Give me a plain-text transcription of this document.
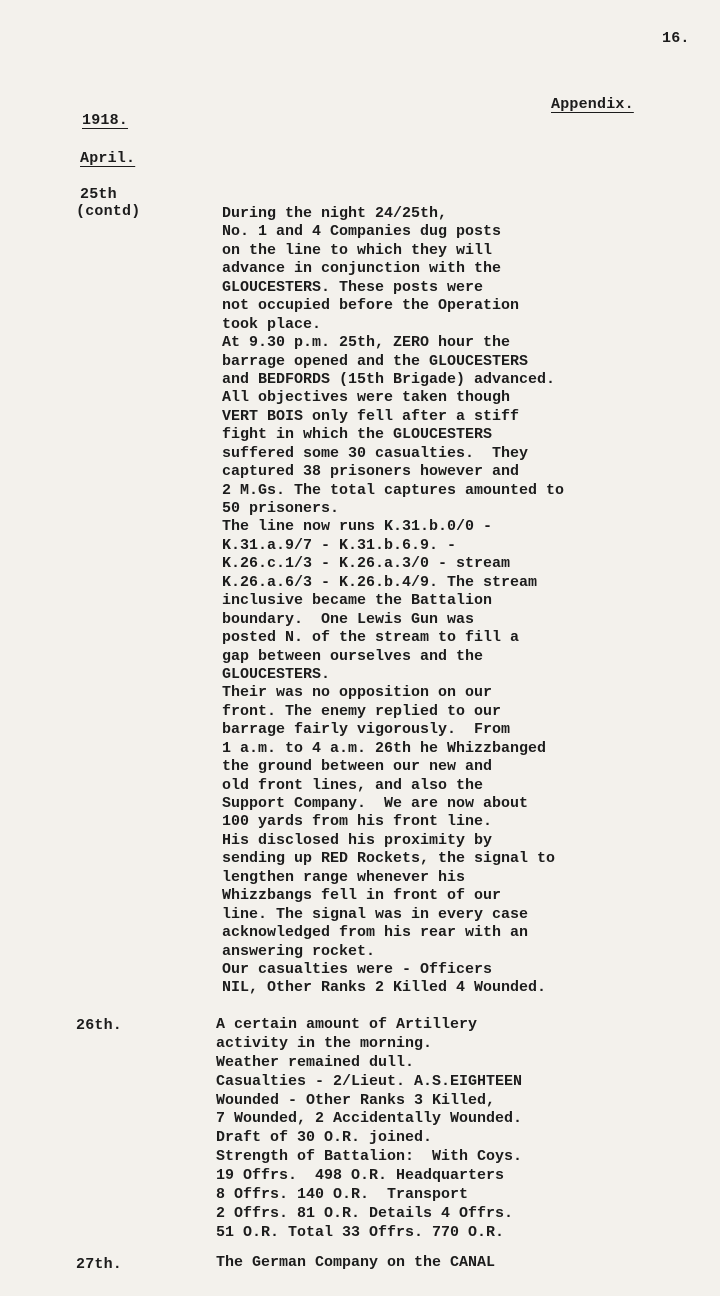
16.
Appendix.
1918.
April.
25th
(contd)	During the night 24/25th,
No. 1 and 4 Companies dug posts
on the line to which they will
advance in conjunction with the
GLOUCESTERS. These posts were
not occupied before the Operation
took place.
At 9.30 p.m. 25th, ZERO hour the
barrage opened and the GLOUCESTERS
and BEDFORDS (15th Brigade) advanced.
All objectives were taken though
VERT BOIS only fell after a stiff
fight in which the GLOUCESTERS
suffered some 30 casualties.  They
captured 38 prisoners however and
2 M.Gs. The total captures amounted to
50 prisoners.
The line now runs K.31.b.0/0 -
K.31.a.9/7 - K.31.b.6.9. -
K.26.c.1/3 - K.26.a.3/0 - stream
K.26.a.6/3 - K.26.b.4/9. The stream
inclusive became the Battalion
boundary.  One Lewis Gun was
posted N. of the stream to fill a
gap between ourselves and the
GLOUCESTERS.
Their was no opposition on our
front. The enemy replied to our
barrage fairly vigorously.  From
1 a.m. to 4 a.m. 26th he Whizzbanged
the ground between our new and
old front lines, and also the
Support Company.  We are now about
100 yards from his front line.
His disclosed his proximity by
sending up RED Rockets, the signal to
lengthen range whenever his
Whizzbangs fell in front of our
line. The signal was in every case
acknowledged from his rear with an
answering rocket.
Our casualties were - Officers
NIL, Other Ranks 2 Killed 4 Wounded.
26th.	A certain amount of Artillery
activity in the morning.
Weather remained dull.
Casualties - 2/Lieut. A.S.EIGHTEEN
Wounded - Other Ranks 3 Killed,
7 Wounded, 2 Accidentally Wounded.
Draft of 30 O.R. joined.
Strength of Battalion:  With Coys.
19 Offrs.  498 O.R. Headquarters
8 Offrs. 140 O.R.  Transport
2 Offrs. 81 O.R. Details 4 Offrs.
51 O.R. Total 33 Offrs. 770 O.R.
27th.	The German Company on the CANAL
